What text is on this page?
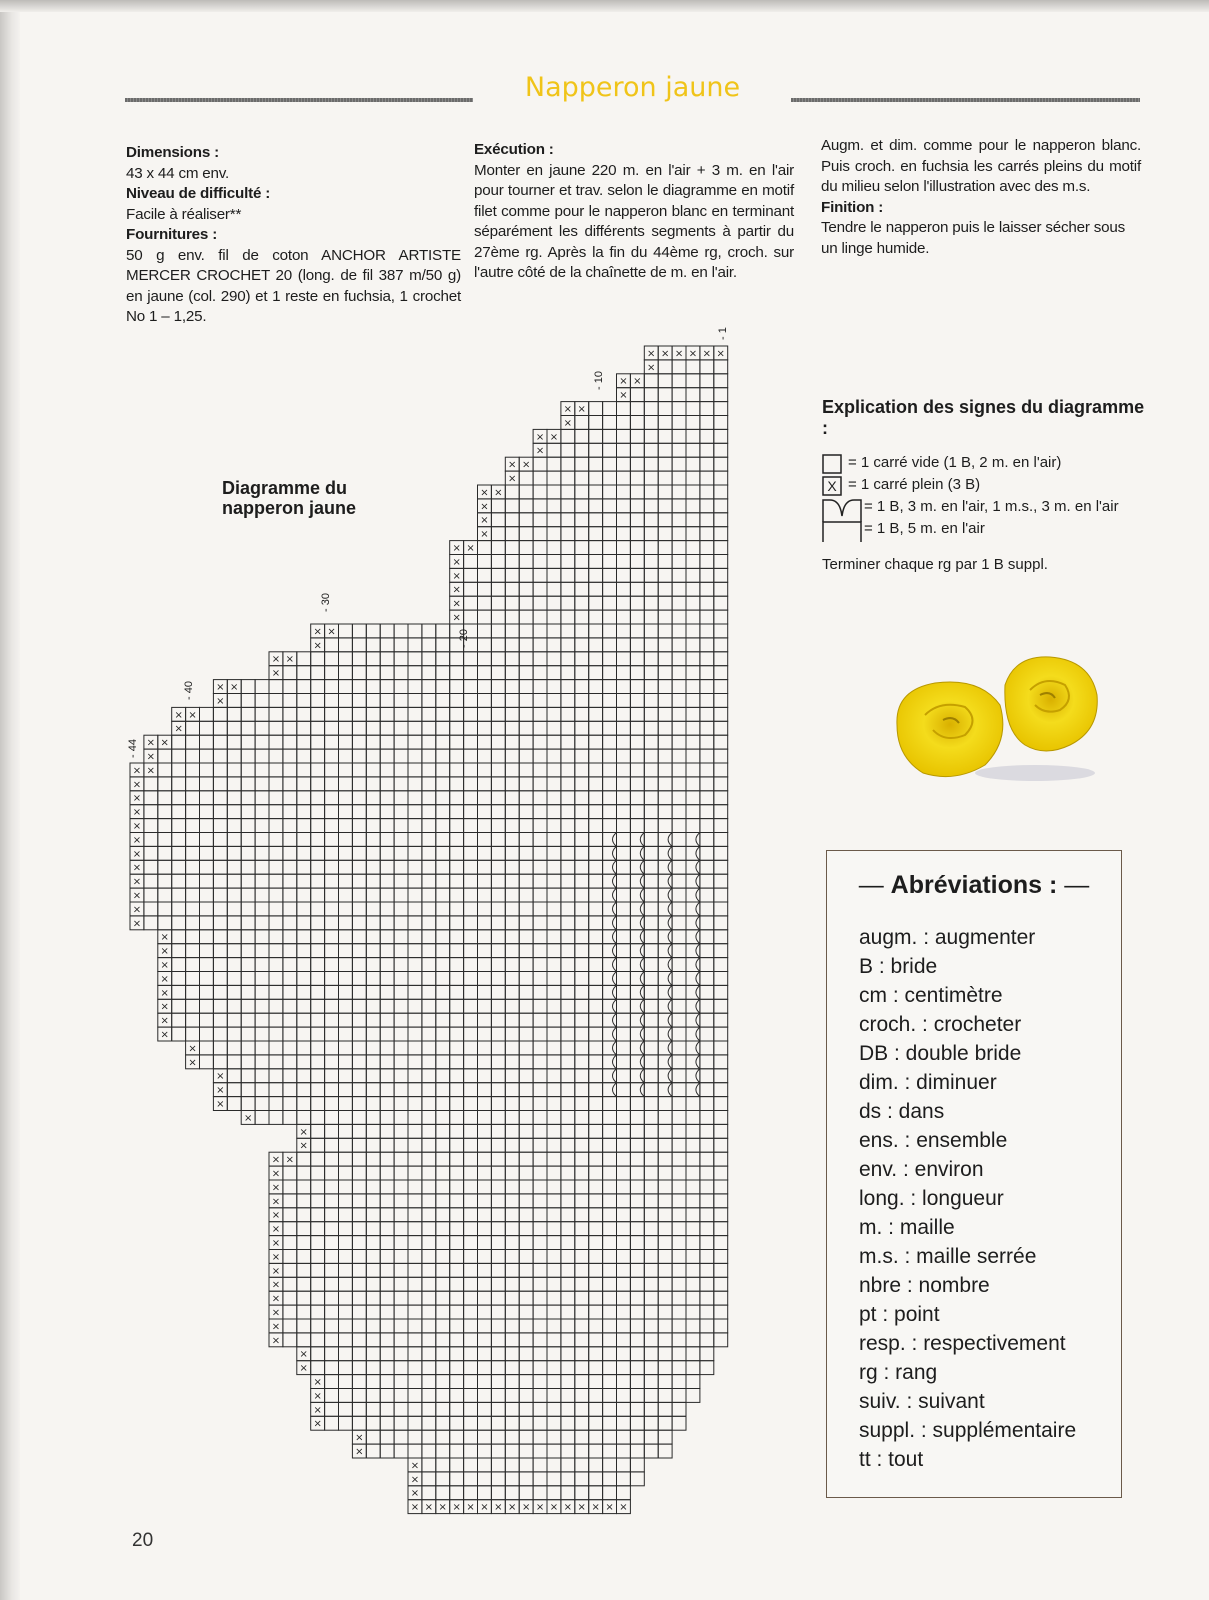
Napperon jaune
Dimensions :

43 x 44 cm env.

Niveau de difficulté :

Facile à réaliser**

Fournitures :

50 g env. fil de coton ANCHOR ARTISTE MERCER CROCHET 20 (long. de fil 387 m/50 g) en jaune (col. 290) et 1 reste en fuchsia, 1 crochet No 1 – 1,25.

Exécution :

Monter en jaune 220 m. en l'air + 3 m. en l'air pour tourner et trav. selon le diagramme en motif filet comme pour le napperon blanc en terminant séparément les différents segments à partir du 27ème rg. Après la fin du 44ème rg, croch. sur l'autre côté de la chaînette de m. en l'air.

Augm. et dim. comme pour le napperon blanc. Puis croch. en fuchsia les carrés pleins du motif du milieu selon l'illustration avec des m.s.

Finition :

Tendre le napperon puis le laisser sécher sous un linge humide.

Explication des signes du diagramme :
= 1 carré vide (1 B, 2 m. en l'air)
X = 1 carré plein (3 B)
= 1 B, 3 m. en l'air, 1 m.s., 3 m. en l'air
= 1 B, 5 m. en l'air
Terminer chaque rg par 1 B suppl.
Diagramme du
napperon jaune
— Abréviations : —
augm. : augmenter
B : bride
cm : centimètre
croch. : crocheter
DB : double bride
dim. : diminuer
ds : dans
ens. : ensemble
env. : environ
long. : longueur
m. : maille
m.s. : maille serrée
nbre : nombre
pt : point
resp. : respectivement
rg : rang
suiv. : suivant
suppl. : supplémentaire
tt : tout
× × × × × ×
×
× ×
×
× ×
×
× ×
×
× ×
×
× ×
×
×
×
× ×
×
×
×
×
×
× ×
×
× ×
×
× ×
×
× ×
×
× ×
×
× ×
×
×
×
×
×
×
×
×
×
×
×
×
×
×
×
×
×
×
×
×
×
×
×
×
×
×
×
× ×
×
×
×
×
×
×
×
×
×
×
×
×
×
×
×
×
×
×
×
×
×
×
×
×
× × × × × × × × × × × × × × × ×
- 1
- 10
- 20
- 30
- 40
- 44
20
